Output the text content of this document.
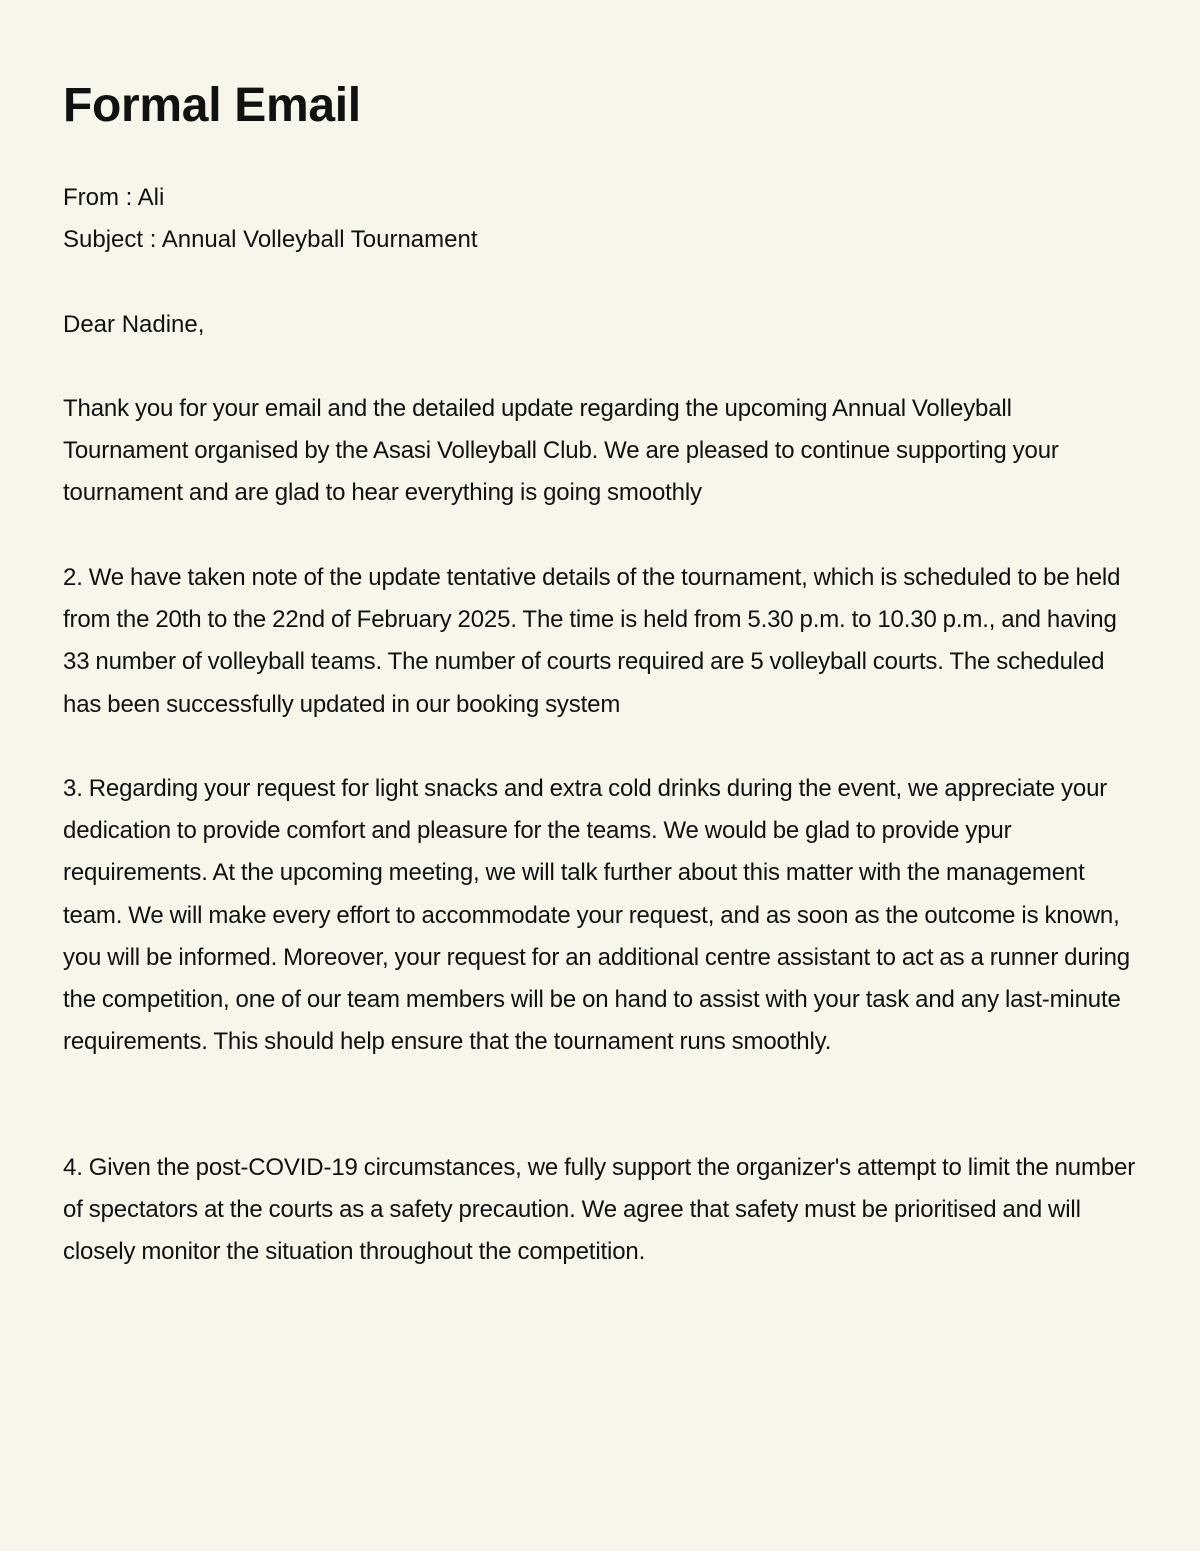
Formal Email
From : Ali
Subject : Annual Volleyball Tournament
Dear Nadine,

Thank you for your email and the detailed update regarding the upcoming Annual Volleyball Tournament organised by the Asasi Volleyball Club. We are pleased to continue supporting your tournament and are glad to hear everything is going smoothly

2. We have taken note of the update tentative details of the tournament, which is scheduled to be held from the 20th to the 22nd of February 2025. The time is held from 5.30 p.m. to 10.30 p.m., and having 33 number of volleyball teams. The number of courts required are 5 volleyball courts. The scheduled has been successfully updated in our booking system

3. Regarding your request for light snacks and extra cold drinks during the event, we appreciate your dedication to provide comfort and pleasure for the teams. We would be glad to provide ypur requirements. At the upcoming meeting, we will talk further about this matter with the management team. We will make every effort to accommodate your request, and as soon as the outcome is known, you will be informed. Moreover, your request for an additional centre assistant to act as a runner during the competition, one of our team members will be on hand to assist with your task and any last-minute requirements. This should help ensure that the tournament runs smoothly.

4. Given the post-COVID-19 circumstances, we fully support the organizer's attempt to limit the number of spectators at the courts as a safety precaution. We agree that safety must be prioritised and will closely monitor the situation throughout the competition.
